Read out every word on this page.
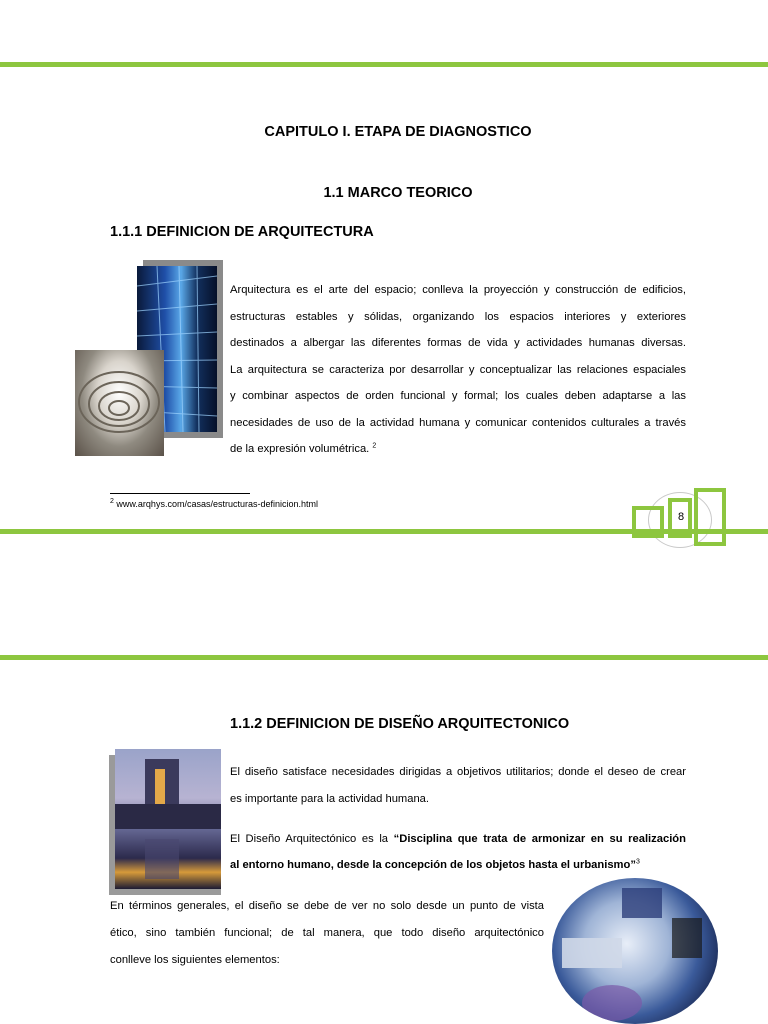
CAPITULO I. ETAPA DE DIAGNOSTICO
1.1 MARCO TEORICO
1.1.1 DEFINICION DE ARQUITECTURA
Arquitectura es el arte del espacio; conlleva la proyección y construcción de edificios,
estructuras estables y sólidas, organizando los espacios interiores y exteriores
destinados a albergar las diferentes formas de vida y actividades humanas diversas.
La arquitectura se caracteriza por desarrollar y conceptualizar las relaciones espaciales
y combinar aspectos de orden funcional y formal; los cuales deben adaptarse a las
necesidades de uso de la actividad humana y comunicar contenidos culturales a través
de la expresión volumétrica. $^2$
$^2$ www.arqhys.com/casas/estructuras-definicion.html
8
1.1.2 DEFINICION DE DISEÑO ARQUITECTONICO
El diseño satisface necesidades dirigidas a objetivos utilitarios; donde el deseo de crear
es importante para la actividad humana.
El Diseño Arquitectónico es la “Disciplina que trata de armonizar en su realización
al entorno humano, desde la concepción de los objetos hasta el urbanismo”$^3$
En términos generales, el diseño se debe de ver no solo desde un punto de vista
ético, sino también funcional; de tal manera, que todo diseño arquitectónico
conlleve los siguientes elementos:
